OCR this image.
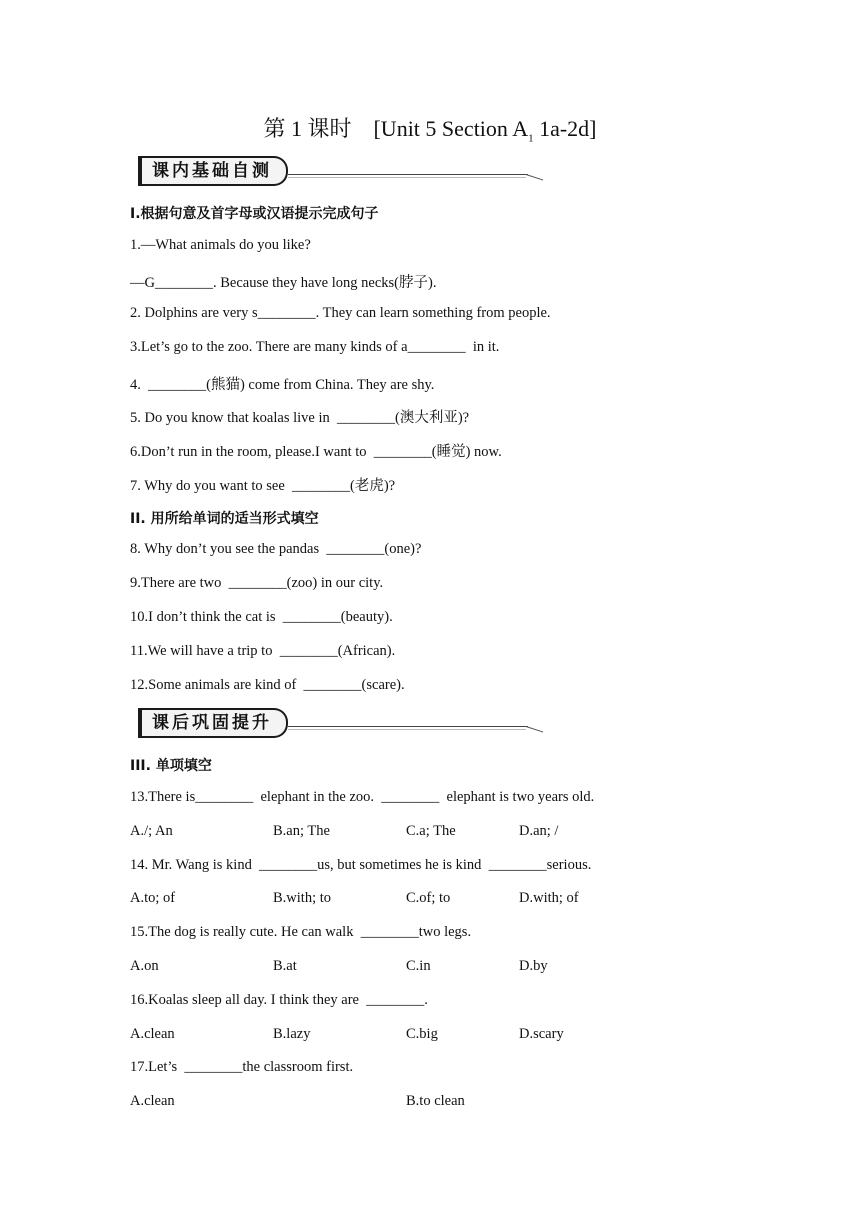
第 1 课时　[Unit 5 Section $A_1$ 1a-2d]
课内基础自测
I.根据句意及首字母或汉语提示完成句子
1.—What animals do you like?
—G________. Because they have long necks(脖子).
2. Dolphins are very s________. They can learn something from people.
3.Let’s go to the zoo. There are many kinds of a________  in it.
4.  ________(熊猫) come from China. They are shy.
5. Do you know that koalas live in  ________(澳大利亚)?
6.Don’t run in the room, please.I want to  ________(睡觉) now.
7. Why do you want to see  ________(老虎)?
II. 用所给单词的适当形式填空
8. Why don’t you see the pandas  ________(one)?
9.There are two  ________(zoo) in our city.
10.I don’t think the cat is  ________(beauty).
11.We will have a trip to  ________(African).
12.Some animals are kind of  ________(scare).
课后巩固提升
III. 单项填空
13.There is________  elephant in the zoo.  ________  elephant is two years old.
A./; An	B.an; The	C.a; The	D.an; /
14. Mr. Wang is kind  ________us, but sometimes he is kind  ________serious.
A.to; of	B.with; to	C.of; to	D.with; of
15.The dog is really cute. He can walk  ________two legs.
A.on	B.at	C.in	D.by
16.Koalas sleep all day. I think they are  ________.
A.clean	B.lazy	C.big	D.scary
17.Let’s  ________the classroom first.
A.clean	B.to clean
